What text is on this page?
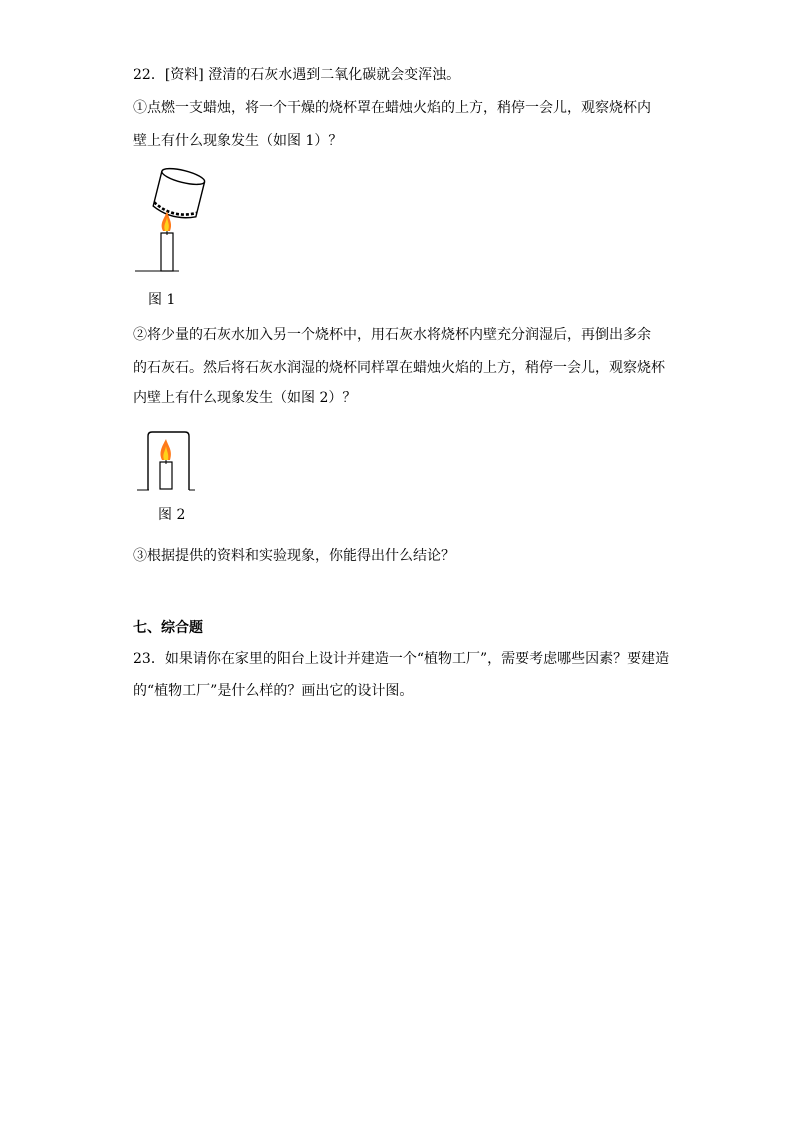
22．[资料] 澄清的石灰水遇到二氧化碳就会变浑浊。
①点燃一支蜡烛，将一个干燥的烧杯罩在蜡烛火焰的上方，稍停一会儿，观察烧杯内
壁上有什么现象发生（如图 1）？
图 1
②将少量的石灰水加入另一个烧杯中，用石灰水将烧杯内壁充分润湿后，再倒出多余
的石灰石。然后将石灰水润湿的烧杯同样罩在蜡烛火焰的上方，稍停一会儿，观察烧杯
内壁上有什么现象发生（如图 2）？
图 2
③根据提供的资料和实验现象，你能得出什么结论？
七、综合题
23．如果请你在家里的阳台上设计并建造一个“植物工厂”，需要考虑哪些因素？要建造
的“植物工厂”是什么样的？画出它的设计图。
